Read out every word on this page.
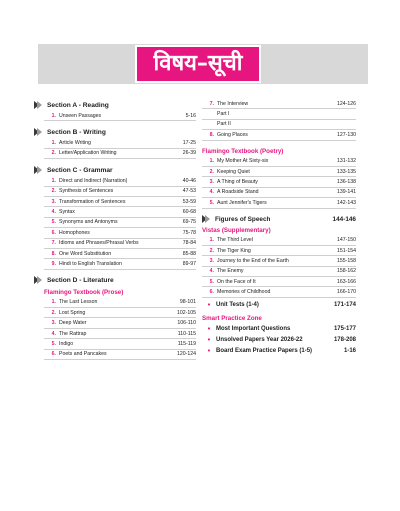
विषय–सूची
Section A - Reading
1. Unseen Passages	5-16
Section B - Writing
1. Article Writing	17-25
2. Letter/Application Writing	26-39
Section C - Grammar
1. Direct and Indirect (Narration)	40-46
2. Synthesis of Sentences	47-53
3. Transformation of Sentences	53-59
4. Syntax	60-68
5. Synonyms and Antonyms	69-75
6. Homophones	75-78
7. Idioms and Phrases/Phrasal Verbs	78-84
8. One Word Substitution	85-88
9. Hindi to English Translation	89-97
Section D - Literature
Flamingo Textbook (Prose)
1. The Last Lesson	98-101
2. Lost Spring	102-105
3. Deep Water	106-110
4. The Rattrap	110-115
5. Indigo	115-119
6. Poets and Pancakes	120-124
7. The Interview	124-126
Part I
Part II
8. Going Places	127-130
Flamingo Textbook (Poetry)
1. My Mother At Sixty-six	131-132
2. Keeping Quiet	133-135
3. A Thing of Beauty	136-138
4. A Roadside Stand	139-141
5. Aunt Jennifer's Tigers	142-143
Figures of Speech	144-146
Vistas (Supplementary)
1. The Third Level	147-150
2. The Tiger King	151-154
3. Journey to the End of the Earth	155-158
4. The Enemy	158-162
5. On the Face of It	163-166
6. Memories of Childhood	166-170
• Unit Tests (1-4)	171-174
Smart Practice Zone
• Most Important Questions	175-177
• Unsolved Papers Year 2026-22	178-208
• Board Exam Practice Papers (1-5)	1-16
